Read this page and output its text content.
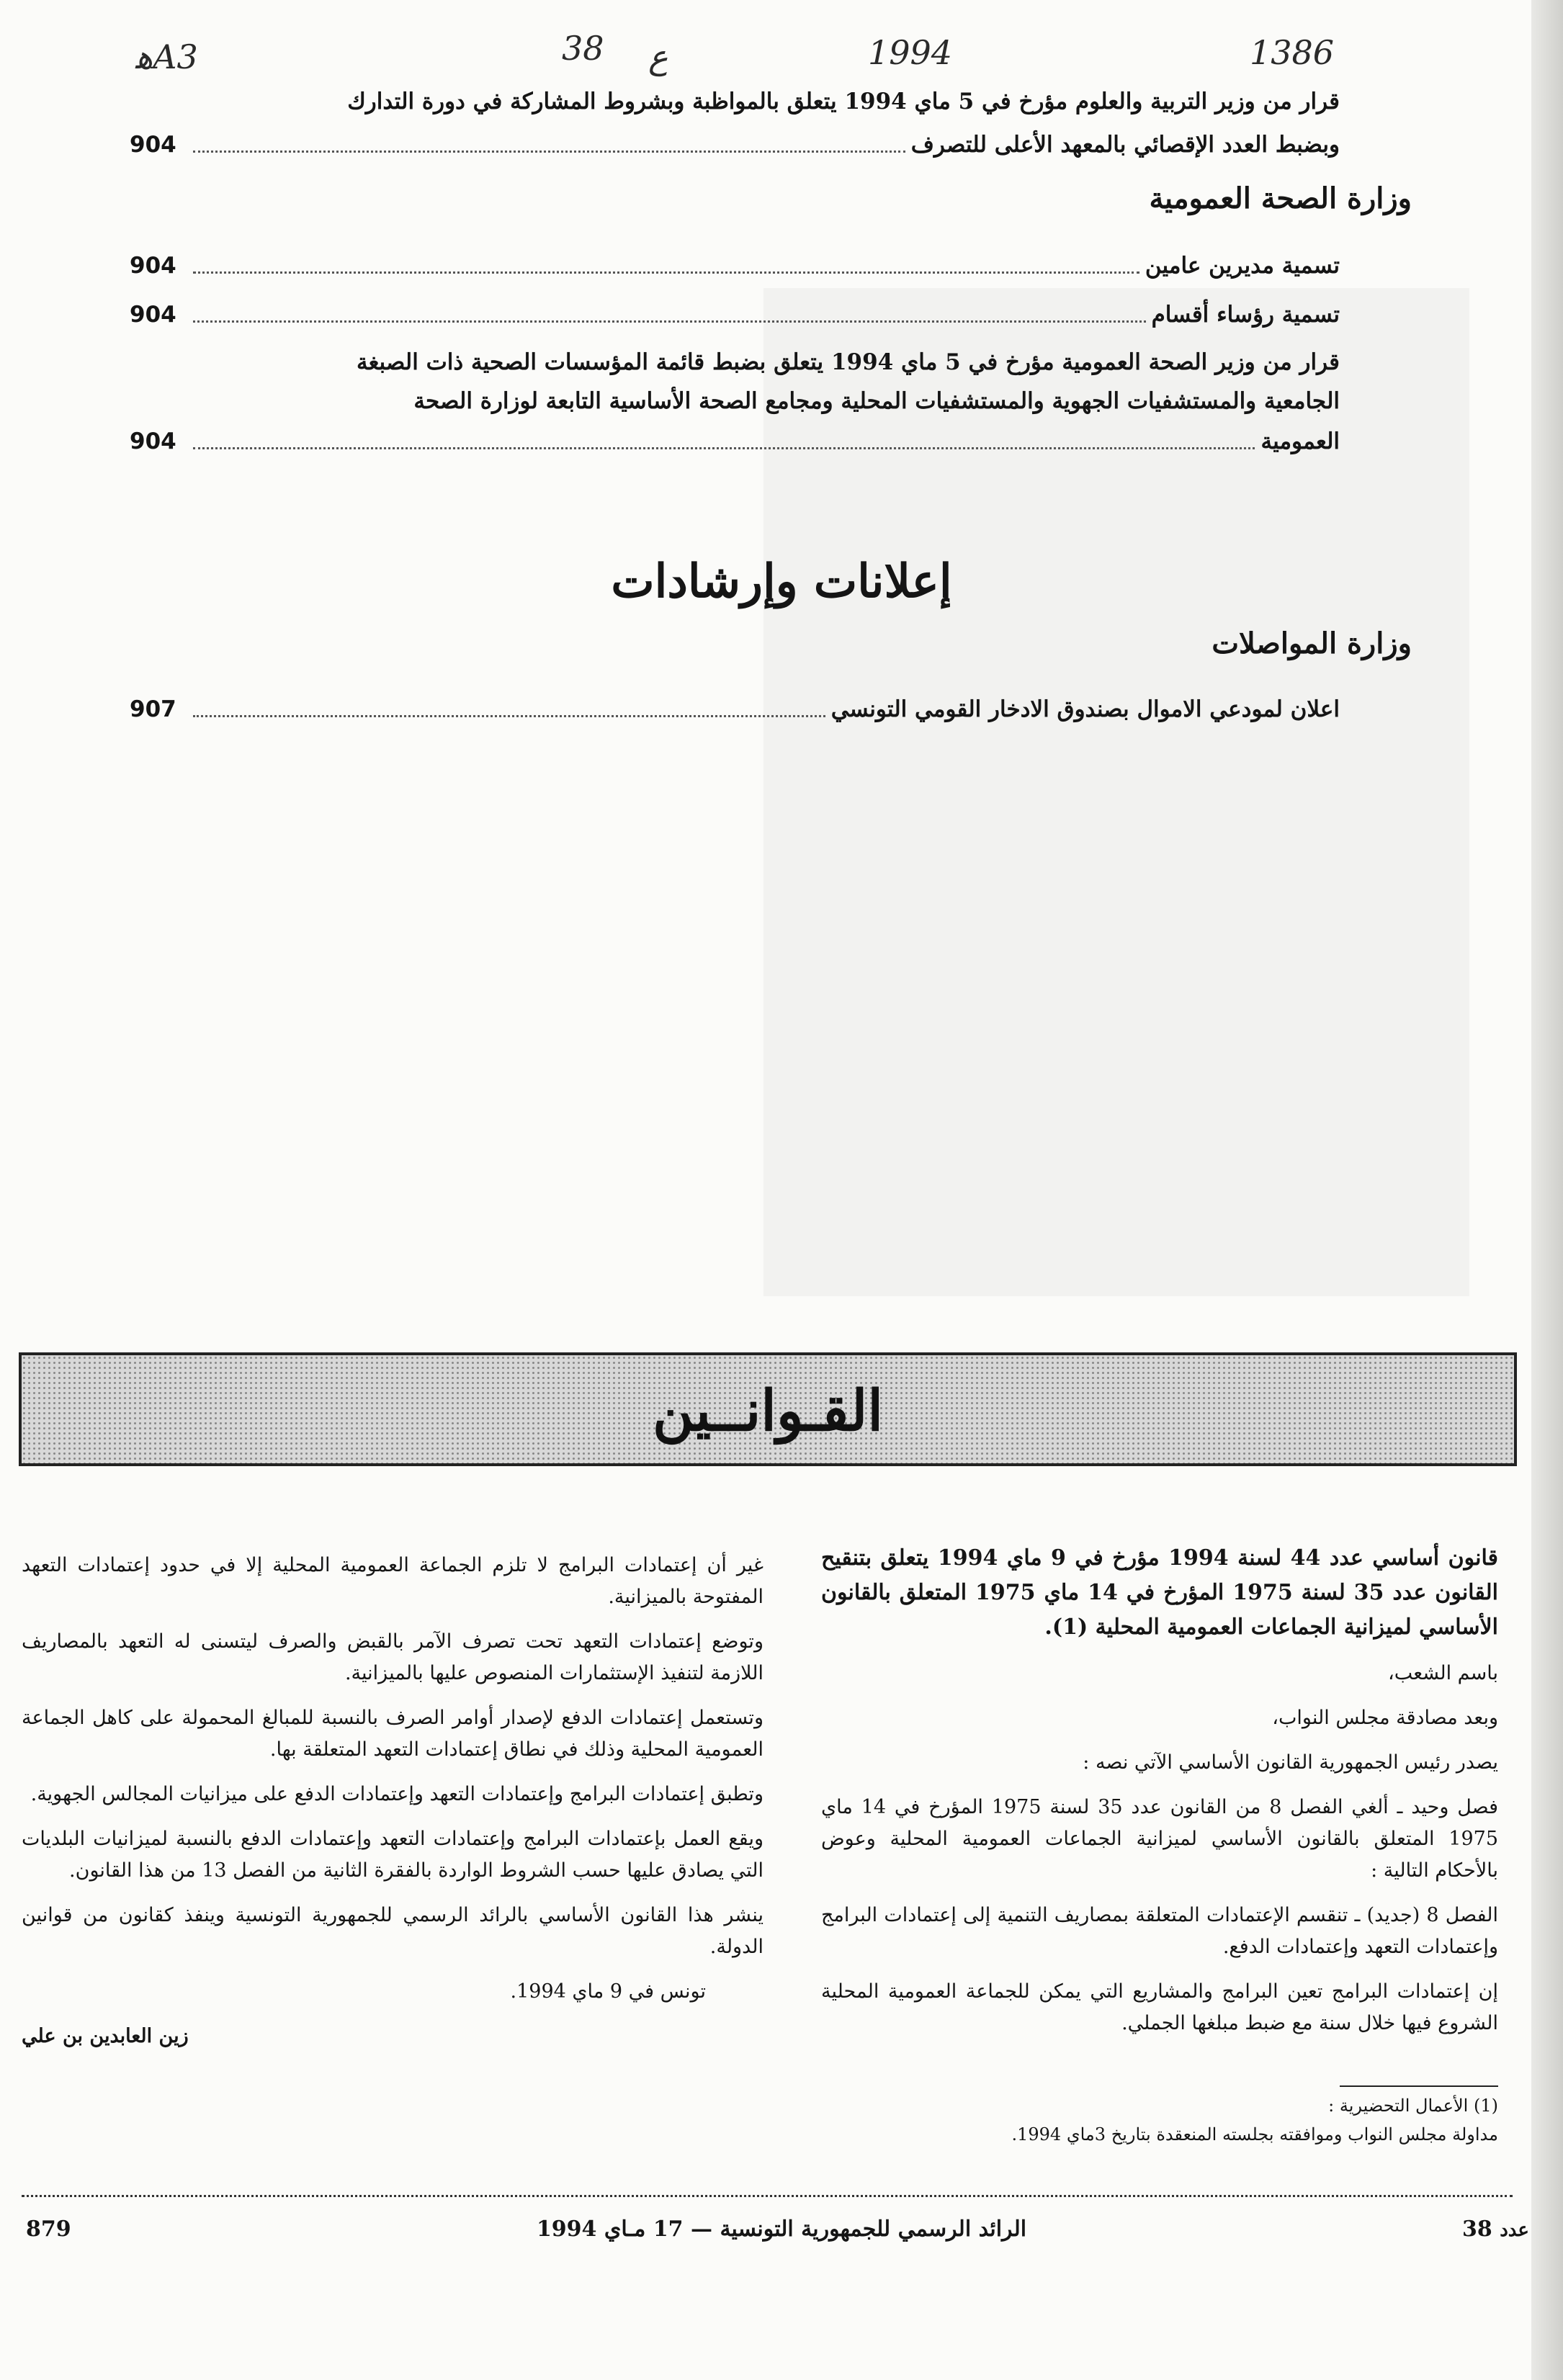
ﻫA3	38 ع	1994	1386
قرار من وزير التربية والعلوم مؤرخ في 5 ماي 1994 يتعلق بالمواظبة وبشروط المشاركة في دورة التدارك
وبضبط العدد الإقصائي بالمعهد الأعلى للتصرف
904
وزارة الصحة العمومية
تسمية مديرين عامين
904
تسمية رؤساء أقسام
904
قرار من وزير الصحة العمومية مؤرخ في 5 ماي 1994 يتعلق بضبط قائمة المؤسسات الصحية ذات الصبغة
الجامعية والمستشفيات الجهوية والمستشفيات المحلية ومجامع الصحة الأساسية التابعة لوزارة الصحة
العمومية
904
إعلانات وإرشادات
وزارة المواصلات
اعلان لمودعي الاموال بصندوق الادخار القومي التونسي
907
القـوانــين

قانون أساسي عدد 44 لسنة 1994 مؤرخ في 9 ماي 1994 يتعلق بتنقيح القانون عدد 35 لسنة 1975 المؤرخ في 14 ماي 1975 المتعلق بالقانون الأساسي لميزانية الجماعات العمومية المحلية (1).

باسم الشعب،

وبعد مصادقة مجلس النواب،

يصدر رئيس الجمهورية القانون الأساسي الآتي نصه :

فصل وحيد ـ ألغي الفصل 8 من القانون عدد 35 لسنة 1975 المؤرخ في 14 ماي 1975 المتعلق بالقانون الأساسي لميزانية الجماعات العمومية المحلية وعوض بالأحكام التالية :

الفصل 8 (جديد) ـ تنقسم الإعتمادات المتعلقة بمصاريف التنمية إلى إعتمادات البرامج وإعتمادات التعهد وإعتمادات الدفع.

إن إعتمادات البرامج تعين البرامج والمشاريع التي يمكن للجماعة العمومية المحلية الشروع فيها خلال سنة مع ضبط مبلغها الجملي.

(1) الأعمال التحضيرية :
مداولة مجلس النواب وموافقته بجلسته المنعقدة بتاريخ 3ماي 1994.

غير أن إعتمادات البرامج لا تلزم الجماعة العمومية المحلية إلا في حدود إعتمادات التعهد المفتوحة بالميزانية.

وتوضع إعتمادات التعهد تحت تصرف الآمر بالقبض والصرف ليتسنى له التعهد بالمصاريف اللازمة لتنفيذ الإستثمارات المنصوص عليها بالميزانية.

وتستعمل إعتمادات الدفع لإصدار أوامر الصرف بالنسبة للمبالغ المحمولة على كاهل الجماعة العمومية المحلية وذلك في نطاق إعتمادات التعهد المتعلقة بها.

وتطبق إعتمادات البرامج وإعتمادات التعهد وإعتمادات الدفع على ميزانيات المجالس الجهوية.

ويقع العمل بإعتمادات البرامج وإعتمادات التعهد وإعتمادات الدفع بالنسبة لميزانيات البلديات التي يصادق عليها حسب الشروط الواردة بالفقرة الثانية من الفصل 13 من هذا القانون.

ينشر هذا القانون الأساسي بالرائد الرسمي للجمهورية التونسية وينفذ كقانون من قوانين الدولة.

تونس في 9 ماي 1994.

زين العابدين بن علي
879	الرائد الرسمي للجمهورية التونسية — 17 مـاي 1994	38 عدد
